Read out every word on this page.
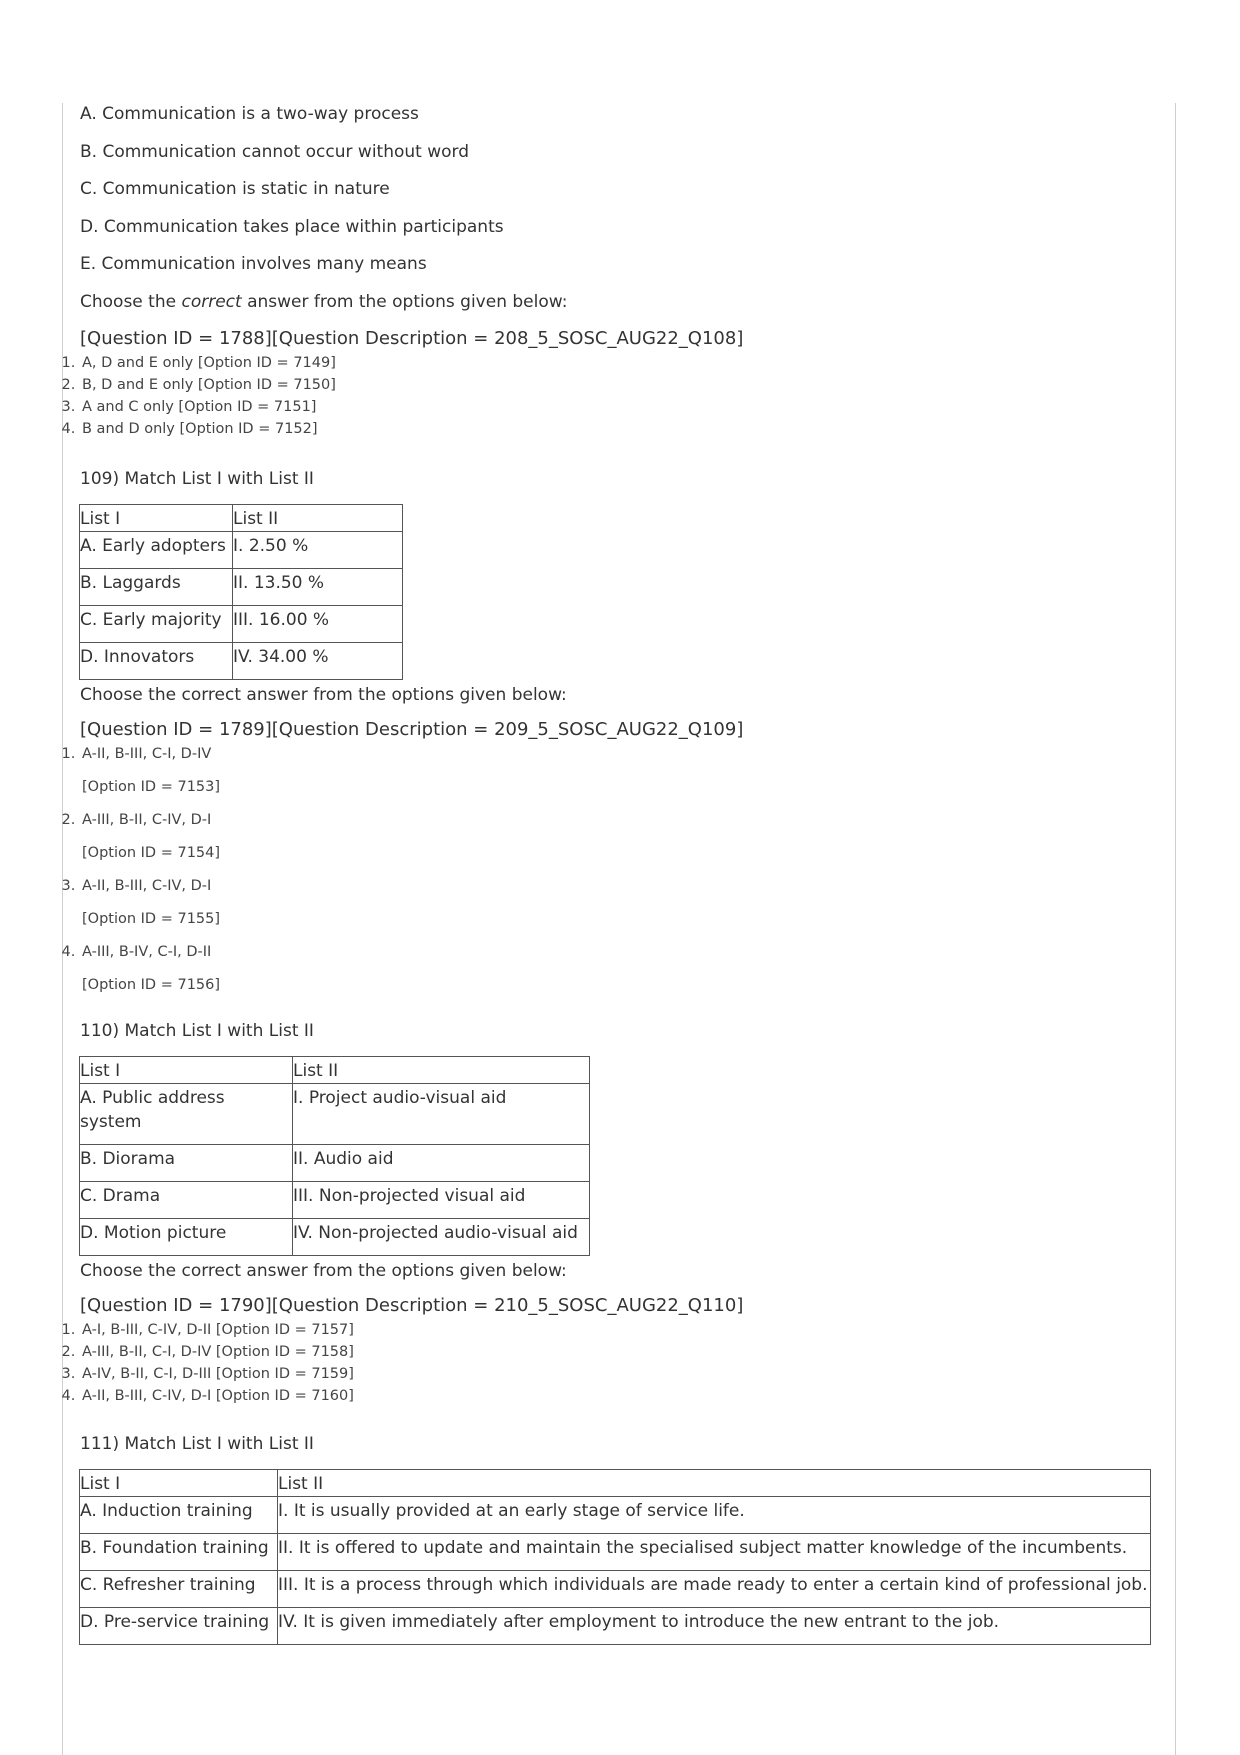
A. Communication is a two-way process

B. Communication cannot occur without word

C. Communication is static in nature

D. Communication takes place within participants

E. Communication involves many means

Choose the correct answer from the options given below:

[Question ID = 1788][Question Description = 208_5_SOSC_AUG22_Q108]

1. A, D and E only [Option ID = 7149]
2. B, D and E only [Option ID = 7150]
3. A and C only [Option ID = 7151]
4. B and D only [Option ID = 7152]

109) Match List I with List II

List I	List II
A. Early adopters	I. 2.50 %
B. Laggards	II. 13.50 %
C. Early majority	III. 16.00 %
D. Innovators	IV. 34.00 %

Choose the correct answer from the options given below:

[Question ID = 1789][Question Description = 209_5_SOSC_AUG22_Q109]

1. A-II, B-III, C-I, D-IV
[Option ID = 7153]
2. A-III, B-II, C-IV, D-I
[Option ID = 7154]
3. A-II, B-III, C-IV, D-I
[Option ID = 7155]
4. A-III, B-IV, C-I, D-II
[Option ID = 7156]

110) Match List I with List II

List I	List II
A. Public address system	I. Project audio-visual aid
B. Diorama	II. Audio aid
C. Drama	III. Non-projected visual aid
D. Motion picture	IV. Non-projected audio-visual aid

Choose the correct answer from the options given below:

[Question ID = 1790][Question Description = 210_5_SOSC_AUG22_Q110]

1. A-I, B-III, C-IV, D-II [Option ID = 7157]
2. A-III, B-II, C-I, D-IV [Option ID = 7158]
3. A-IV, B-II, C-I, D-III [Option ID = 7159]
4. A-II, B-III, C-IV, D-I [Option ID = 7160]

111) Match List I with List II

List I	List II
A. Induction training	I. It is usually provided at an early stage of service life.
B. Foundation training	II. It is offered to update and maintain the specialised subject matter knowledge of the incumbents.
C. Refresher training	III. It is a process through which individuals are made ready to enter a certain kind of professional job.
D. Pre-service training	IV. It is given immediately after employment to introduce the new entrant to the job.
